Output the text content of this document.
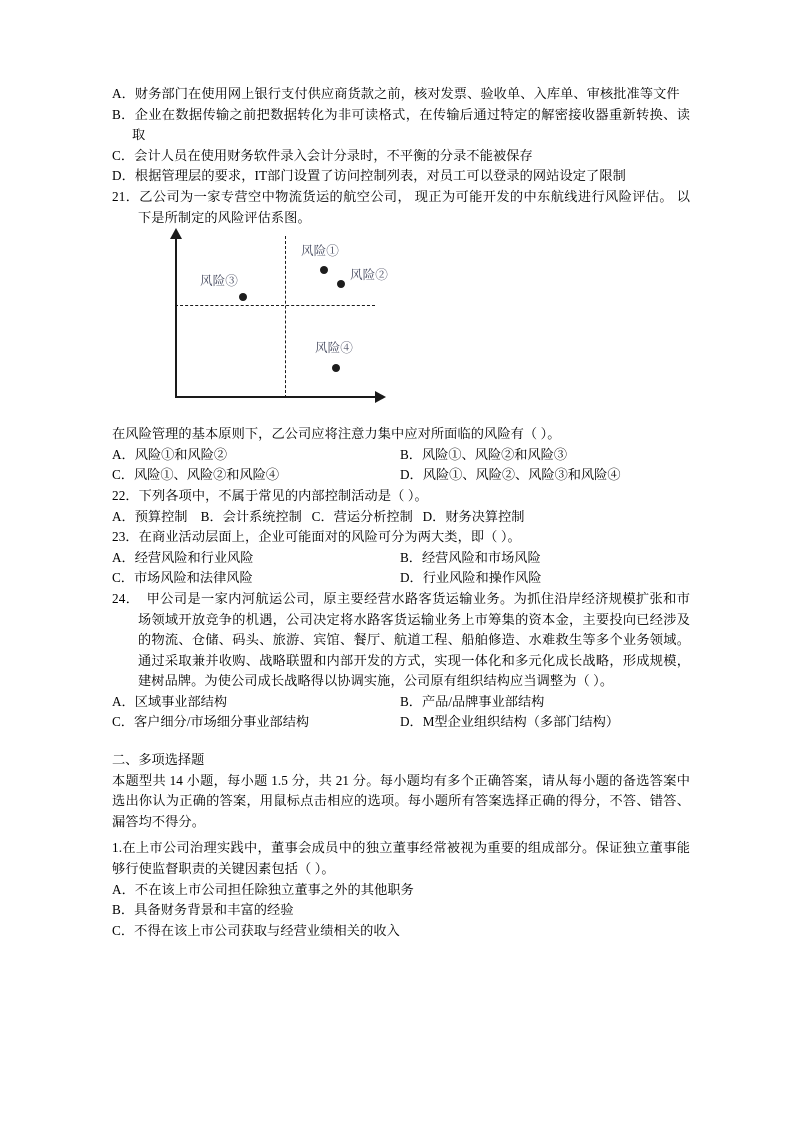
A．财务部门在使用网上银行支付供应商货款之前，核对发票、验收单、入库单、审核批准等文件
B．企业在数据传输之前把数据转化为非可读格式，在传输后通过特定的解密接收器重新转换、读取
C．会计人员在使用财务软件录入会计分录时，不平衡的分录不能被保存
D．根据管理层的要求，IT部门设置了访问控制列表，对员工可以登录的网站设定了限制
21．乙公司为一家专营空中物流货运的航空公司， 现正为可能开发的中东航线进行风险评估。 以下是所制定的风险评估系图。
风险①
风险②
风险③
风险④
在风险管理的基本原则下，乙公司应将注意力集中应对所面临的风险有（ ）。
A．风险①和风险②	B．风险①、风险②和风险③
C．风险①、风险②和风险④	D．风险①、风险②、风险③和风险④
22．下列各项中，不属于常见的内部控制活动是（ ）。
A．预算控制    B．会计系统控制   C．营运分析控制   D．财务决算控制
23．在商业活动层面上，企业可能面对的风险可分为两大类，即（ ）。
A．经营风险和行业风险	B．经营风险和市场风险
C．市场风险和法律风险	D．行业风险和操作风险
24．  甲公司是一家内河航运公司，原主要经营水路客货运输业务。为抓住沿岸经济规模扩张和市场领域开放竞争的机遇，公司决定将水路客货运输业务上市筹集的资本金，主要投向已经涉及的物流、仓储、码头、旅游、宾馆、餐厅、航道工程、船舶修造、水难救生等多个业务领域。通过采取兼并收购、战略联盟和内部开发的方式，实现一体化和多元化成长战略，形成规模，建树品牌。为使公司成长战略得以协调实施，公司原有组织结构应当调整为（ ）。
A．区域事业部结构	B．产品/品牌事业部结构
C．客户细分/市场细分事业部结构	D．M型企业组织结构（多部门结构）
二、多项选择题
本题型共 14 小题，每小题 1.5 分，共 21 分。每小题均有多个正确答案，请从每小题的备选答案中选出你认为正确的答案，用鼠标点击相应的选项。每小题所有答案选择正确的得分，不答、错答、漏答均不得分。
1.在上市公司治理实践中，董事会成员中的独立董事经常被视为重要的组成部分。保证独立董事能够行使监督职责的关键因素包括（ ）。
A．不在该上市公司担任除独立董事之外的其他职务
B．具备财务背景和丰富的经验
C．不得在该上市公司获取与经营业绩相关的收入
